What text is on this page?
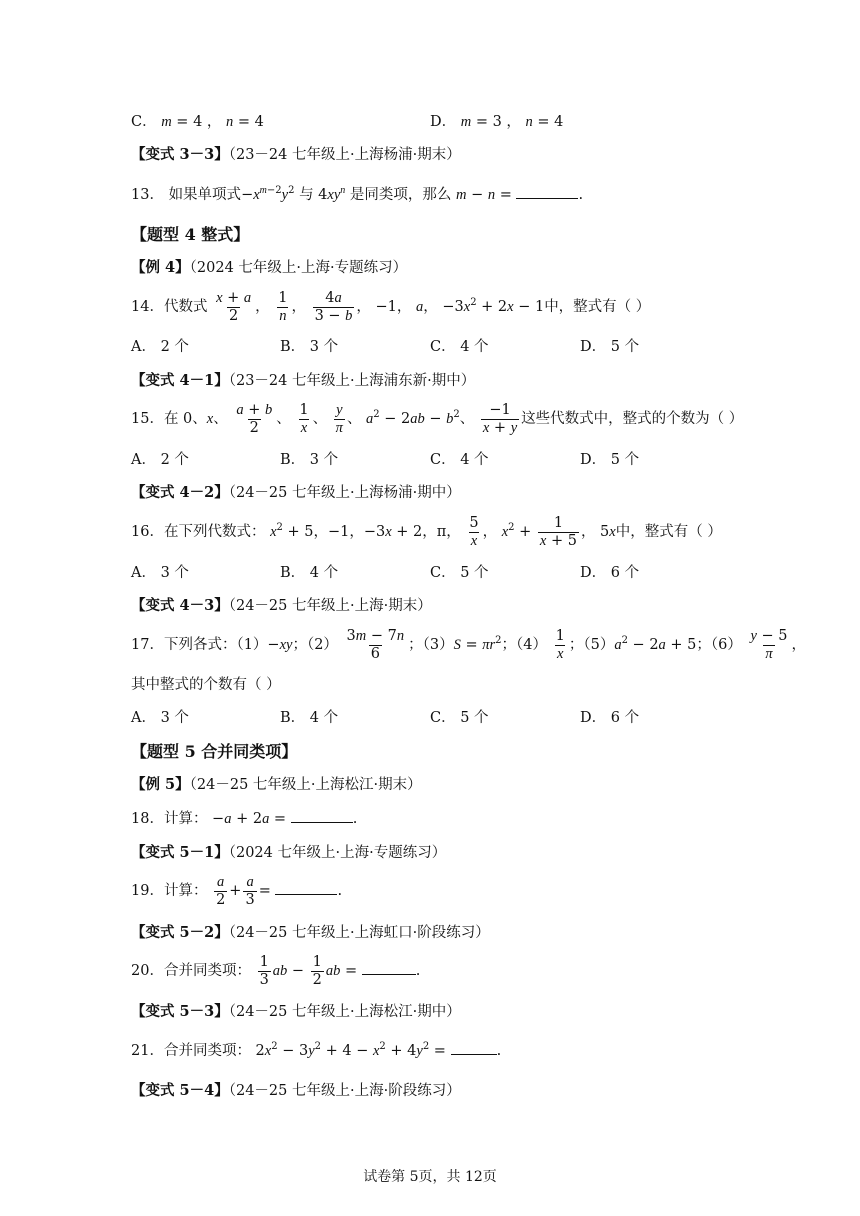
C． m = 4 ， n = 4	D． m = 3 ， n = 4
【变式 3－3】（23－24 七年级上·上海杨浦·期末）
13． 如果单项式$-x^{m-2}y^2$ 与 $4xy^n$ 是同类项，那么 m − n =	.
【题型 4 整式】
【例 4】（2024 七年级上·上海·专题练习）
14．代数式 $\frac{x + a}{2}$ ， $\frac{1}{n}$ ， $\frac{4a}{3 - b}$ ， −1， a， $-3x^2 + 2x - 1$中，整式有（ ）
A． 2 个	B． 3 个	C． 4 个	D． 5 个
【变式 4－1】（23－24 七年级上·上海浦东新·期中）
15．在 0、x、 $\frac{a + b}{2}$ 、 $\frac{1}{x}$ 、 $\frac{y}{\pi}$ 、 $a^2 - 2ab - b^2$、 $\frac{-1}{x + y}$ 这些代数式中，整式的个数为（ ）
A． 2 个	B． 3 个	C． 4 个	D． 5 个
【变式 4－2】（24－25 七年级上·上海杨浦·期中）
16．在下列代数式： $x^2 + 5$，−1，−3x + 2，π， $\frac{5}{x}$ ， $x^2 + \frac{1}{x + 5}$ ， 5x中，整式有（ ）
A． 3 个	B． 4 个	C． 5 个	D． 6 个
【变式 4－3】（24－25 七年级上·上海·期末）
17．下列各式：（1）−xy；$(2) \frac{3m - 7n}{6}$ ；$(3)S = \pi r^2$；$(4) \frac{1}{x}$ ；$(5)a^2 - 2a + 5$；$(6) \frac{y - 5}{\pi}$ ，
其中整式的个数有（ ）
A． 3 个	B． 4 个	C． 5 个	D． 6 个
【题型 5 合并同类项】
【例 5】（24－25 七年级上·上海松江·期末）
18．计算： −a + 2a =	.
【变式 5－1】（2024 七年级上·上海·专题练习）
19．计算： $\frac{a}{2} + \frac{a}{3}$ =	.
【变式 5－2】（24－25 七年级上·上海虹口·阶段练习）
20．合并同类项： $\frac{1}{3}$ ab − $\frac{1}{2}$ ab =	.
【变式 5－3】（24－25 七年级上·上海松江·期中）
21．合并同类项： $2x^2 - 3y^2 + 4 - x^2 + 4y^2$ =	.
【变式 5－4】（24－25 七年级上·上海·阶段练习）
试卷第 5页，共 12页
